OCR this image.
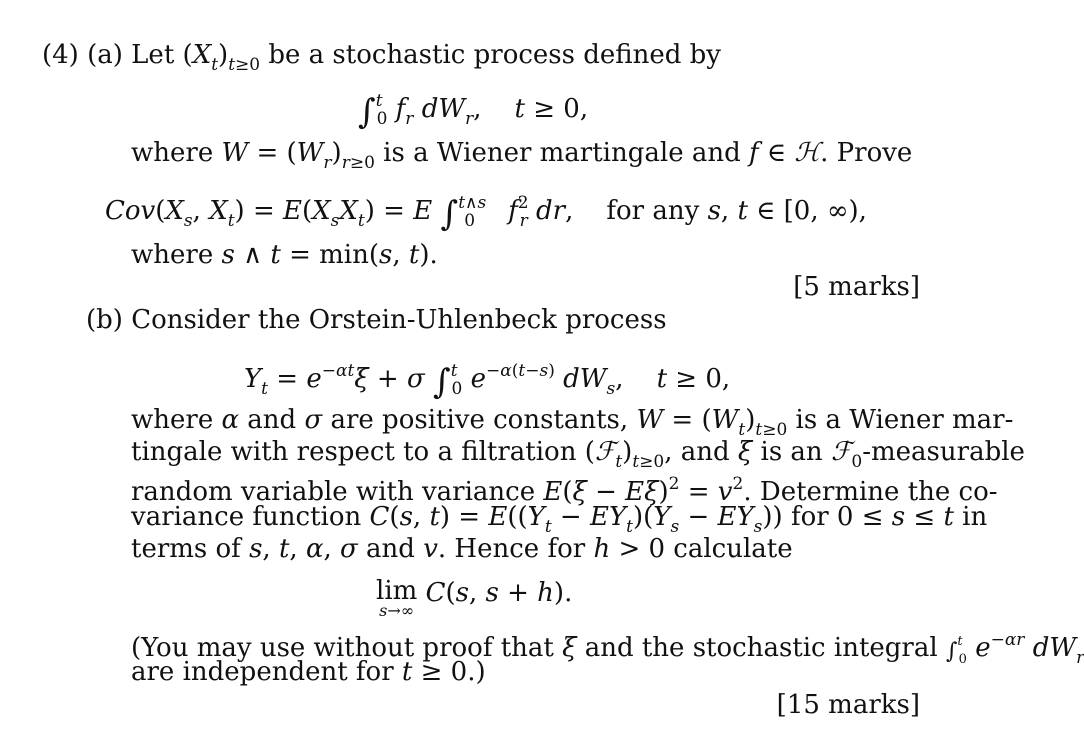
(4) (a) Let $(X_t)_{t\ge 0}$ be a stochastic process defined by
∫$^t_0$ $f_r$ $dW_r$,    t ≥ 0,
where $W = (W_r)_{r\ge 0}$ is a Wiener martingale and f ∈ ℋ. Prove
$Cov(X_s$, $X_t) = E(X_sX_t) = E$ ∫$^{t\wedge s}_0$ $f^2_r$ dr,    for any s, t ∈ [0, ∞),
where s ∧ t = min(s, t).
[5 marks]
(b) Consider the Orstein-Uhlenbeck process
$Y_t = e^{-\alpha t}\xi + \sigma$ ∫$^t_0$ $e^{-\alpha(t-s)}$ $dW_s$,    t ≥ 0,
where α and σ are positive constants, $W = (W_t)_{t\ge 0}$ is a Wiener mar-
tingale with respect to a filtration $(ℱ_t)_{t\ge 0}$, and ξ is an ℱ$_0$-measurable
random variable with variance $E(\xi - E\xi)^2 = v^2$. Determine the co-
variance function C(s, $t) = E((Y_t - EY_t)(Y_s - EY_s))$ for 0 ≤ s ≤ t in
terms of s, t, α, σ and v. Hence for h > 0 calculate
lim
s→∞
C(s, s + h).
(You may use without proof that ξ and the stochastic integral ∫$^t_0$ $e^{-\alpha r}$ $dW_r$
are independent for t ≥ 0.)
[15 marks]
